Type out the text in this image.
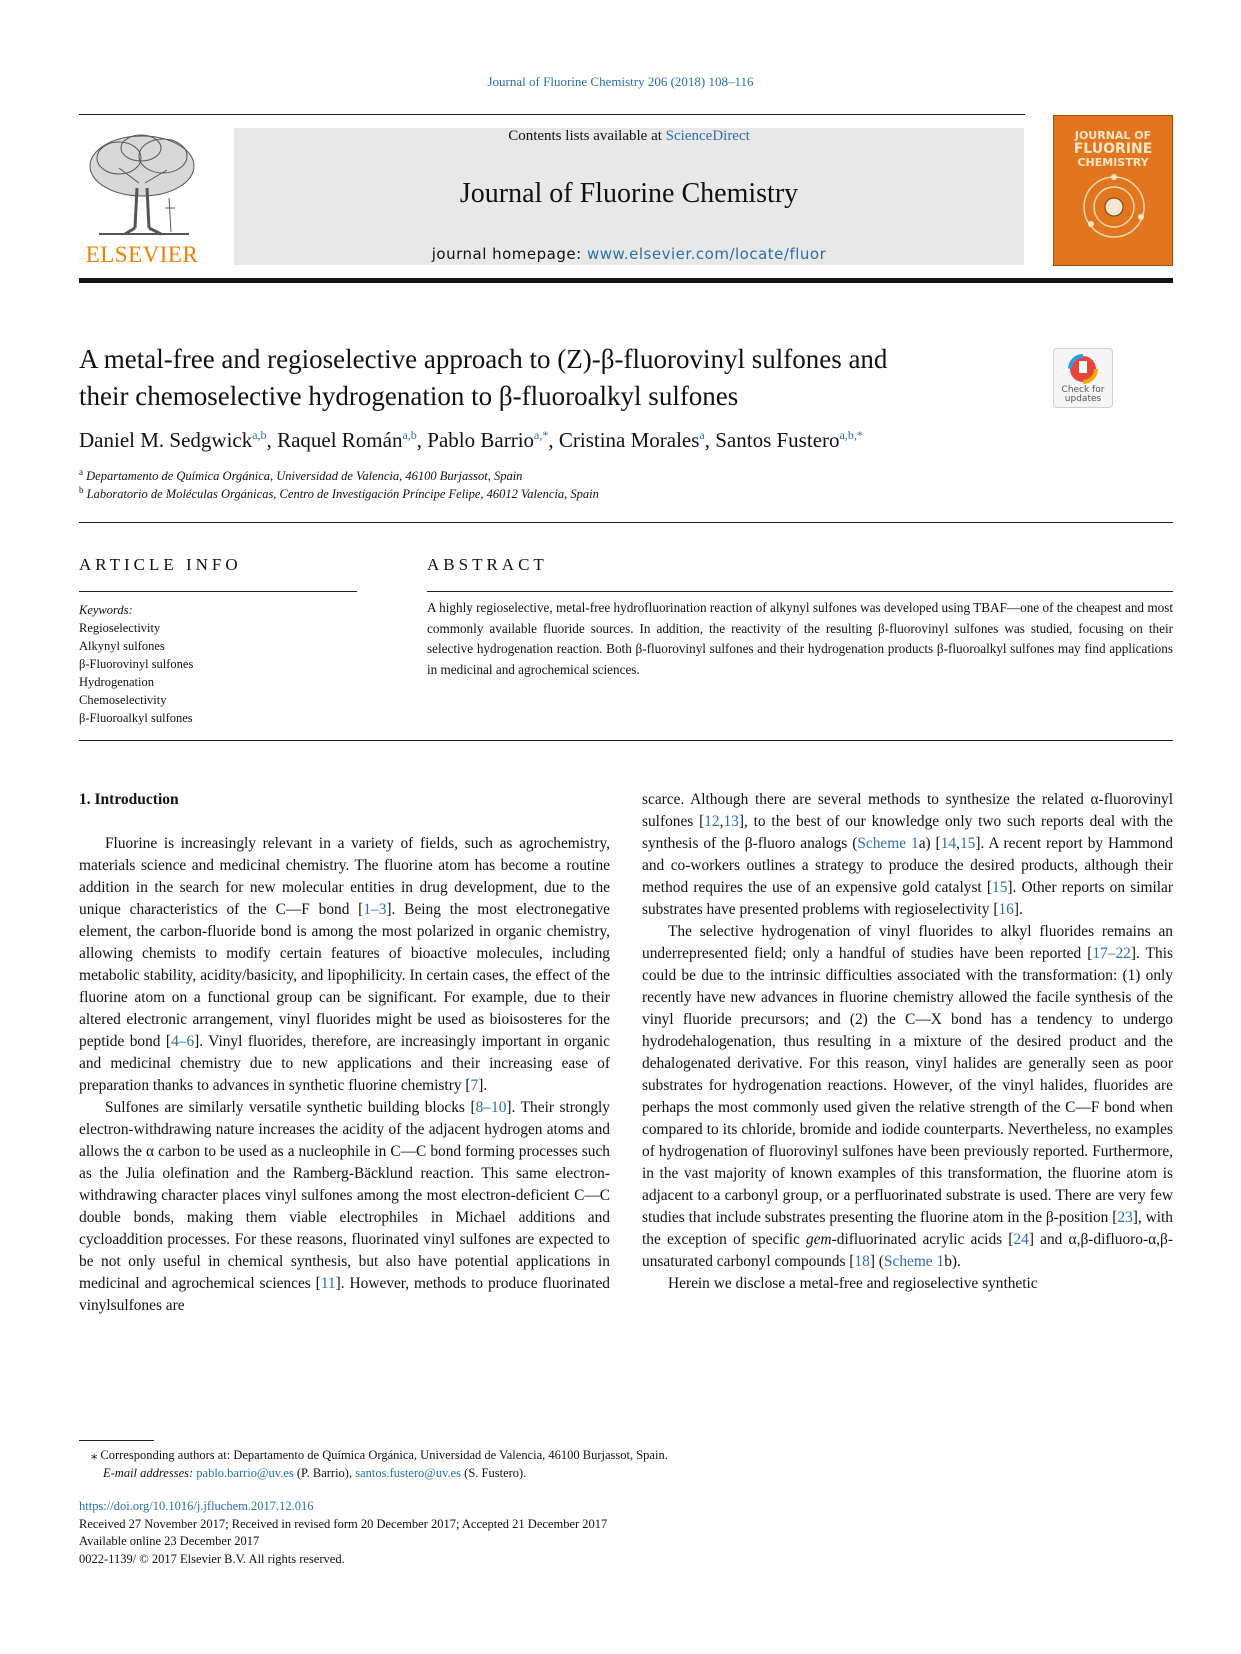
Journal of Fluorine Chemistry 206 (2018) 108–116
ELSEVIER
Contents lists available at ScienceDirect
Journal of Fluorine Chemistry
journal homepage: www.elsevier.com/locate/fluor
JOURNAL OF
FLUORINE
CHEMISTRY
A metal-free and regioselective approach to (Z)-β-fluorovinyl sulfones and
their chemoselective hydrogenation to β-fluoroalkyl sulfones	Check for updates
Daniel M. Sedgwick$^{a,b}$, Raquel Román$^{a,b}$, Pablo Barrio$^{a,*}$, Cristina Morales$^a$, Santos Fustero$^{a,b,*}$
$^a$ Departamento de Química Orgánica, Universidad de Valencia, 46100 Burjassot, Spain
$^b$ Laboratorio de Moléculas Orgánicas, Centro de Investigación Príncipe Felipe, 46012 Valencia, Spain
ARTICLE INFO
Keywords:
Regioselectivity
Alkynyl sulfones
β-Fluorovinyl sulfones
Hydrogenation
Chemoselectivity
β-Fluoroalkyl sulfones
ABSTRACT
A highly regioselective, metal-free hydrofluorination reaction of alkynyl sulfones was developed using TBAF—one of the cheapest and most commonly available fluoride sources. In addition, the reactivity of the resulting β-fluorovinyl sulfones was studied, focusing on their selective hydrogenation reaction. Both β-fluorovinyl sulfones and their hydrogenation products β-fluoroalkyl sulfones may find applications in medicinal and agrochemical sciences.

1. Introduction

Fluorine is increasingly relevant in a variety of fields, such as agrochemistry, materials science and medicinal chemistry. The fluorine atom has become a routine addition in the search for new molecular entities in drug development, due to the unique characteristics of the C—F bond [1–3]. Being the most electronegative element, the carbon-fluoride bond is among the most polarized in organic chemistry, allowing chemists to modify certain features of bioactive molecules, including metabolic stability, acidity/basicity, and lipophilicity. In certain cases, the effect of the fluorine atom on a functional group can be significant. For example, due to their altered electronic arrangement, vinyl fluorides might be used as bioisosteres for the peptide bond [4–6]. Vinyl fluorides, therefore, are increasingly important in organic and medicinal chemistry due to new applications and their increasing ease of preparation thanks to advances in synthetic fluorine chemistry [7].

Sulfones are similarly versatile synthetic building blocks [8–10]. Their strongly electron-withdrawing nature increases the acidity of the adjacent hydrogen atoms and allows the α carbon to be used as a nucleophile in C—C bond forming processes such as the Julia olefination and the Ramberg-Bäcklund reaction. This same electron-withdrawing character places vinyl sulfones among the most electron-deficient C—C double bonds, making them viable electrophiles in Michael additions and cycloaddition processes. For these reasons, fluorinated vinyl sulfones are expected to be not only useful in chemical synthesis, but also have potential applications in medicinal and agrochemical sciences [11]. However, methods to produce fluorinated vinylsulfones are

scarce. Although there are several methods to synthesize the related α-fluorovinyl sulfones [12,13], to the best of our knowledge only two such reports deal with the synthesis of the β-fluoro analogs (Scheme 1a) [14,15]. A recent report by Hammond and co-workers outlines a strategy to produce the desired products, although their method requires the use of an expensive gold catalyst [15]. Other reports on similar substrates have presented problems with regioselectivity [16].

The selective hydrogenation of vinyl fluorides to alkyl fluorides remains an underrepresented field; only a handful of studies have been reported [17–22]. This could be due to the intrinsic difficulties associated with the transformation: (1) only recently have new advances in fluorine chemistry allowed the facile synthesis of the vinyl fluoride precursors; and (2) the C—X bond has a tendency to undergo hydrodehalogenation, thus resulting in a mixture of the desired product and the dehalogenated derivative. For this reason, vinyl halides are generally seen as poor substrates for hydrogenation reactions. However, of the vinyl halides, fluorides are perhaps the most commonly used given the relative strength of the C—F bond when compared to its chloride, bromide and iodide counterparts. Nevertheless, no examples of hydrogenation of fluorovinyl sulfones have been previously reported. Furthermore, in the vast majority of known examples of this transformation, the fluorine atom is adjacent to a carbonyl group, or a perfluorinated substrate is used. There are very few studies that include substrates presenting the fluorine atom in the β-position [23], with the exception of specific gem-difluorinated acrylic acids [24] and α,β-difluoro-α,β-unsaturated carbonyl compounds [18] (Scheme 1b).

Herein we disclose a metal-free and regioselective synthetic

⁎ Corresponding authors at: Departamento de Química Orgánica, Universidad de Valencia, 46100 Burjassot, Spain.
E-mail addresses: pablo.barrio@uv.es (P. Barrio), santos.fustero@uv.es (S. Fustero).
https://doi.org/10.1016/j.jfluchem.2017.12.016
Received 27 November 2017; Received in revised form 20 December 2017; Accepted 21 December 2017
Available online 23 December 2017
0022-1139/ © 2017 Elsevier B.V. All rights reserved.
